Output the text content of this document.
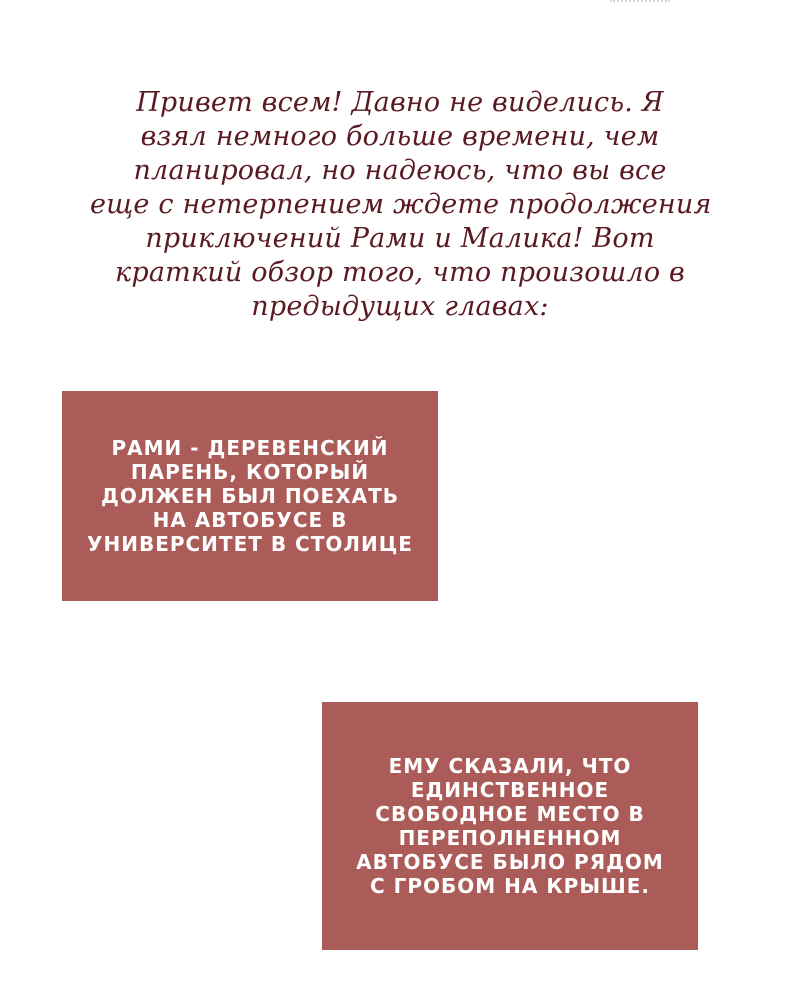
Привет всем! Давно не виделись. Я
взял немного больше времени, чем
планировал, но надеюсь, что вы все
еще с нетерпением ждете продолжения
приключений Рами и Малика! Вот
краткий обзор того, что произошло в
предыдущих главах:
РАМИ - ДЕРЕВЕНСКИЙ
ПАРЕНЬ, КОТОРЫЙ
ДОЛЖЕН БЫЛ ПОЕХАТЬ
НА АВТОБУСЕ В
УНИВЕРСИТЕТ В СТОЛИЦЕ
ЕМУ СКАЗАЛИ, ЧТО
ЕДИНСТВЕННОЕ
СВОБОДНОЕ МЕСТО В
ПЕРЕПОЛНЕННОМ
АВТОБУСЕ БЫЛО РЯДОМ
С ГРОБОМ НА КРЫШЕ.
